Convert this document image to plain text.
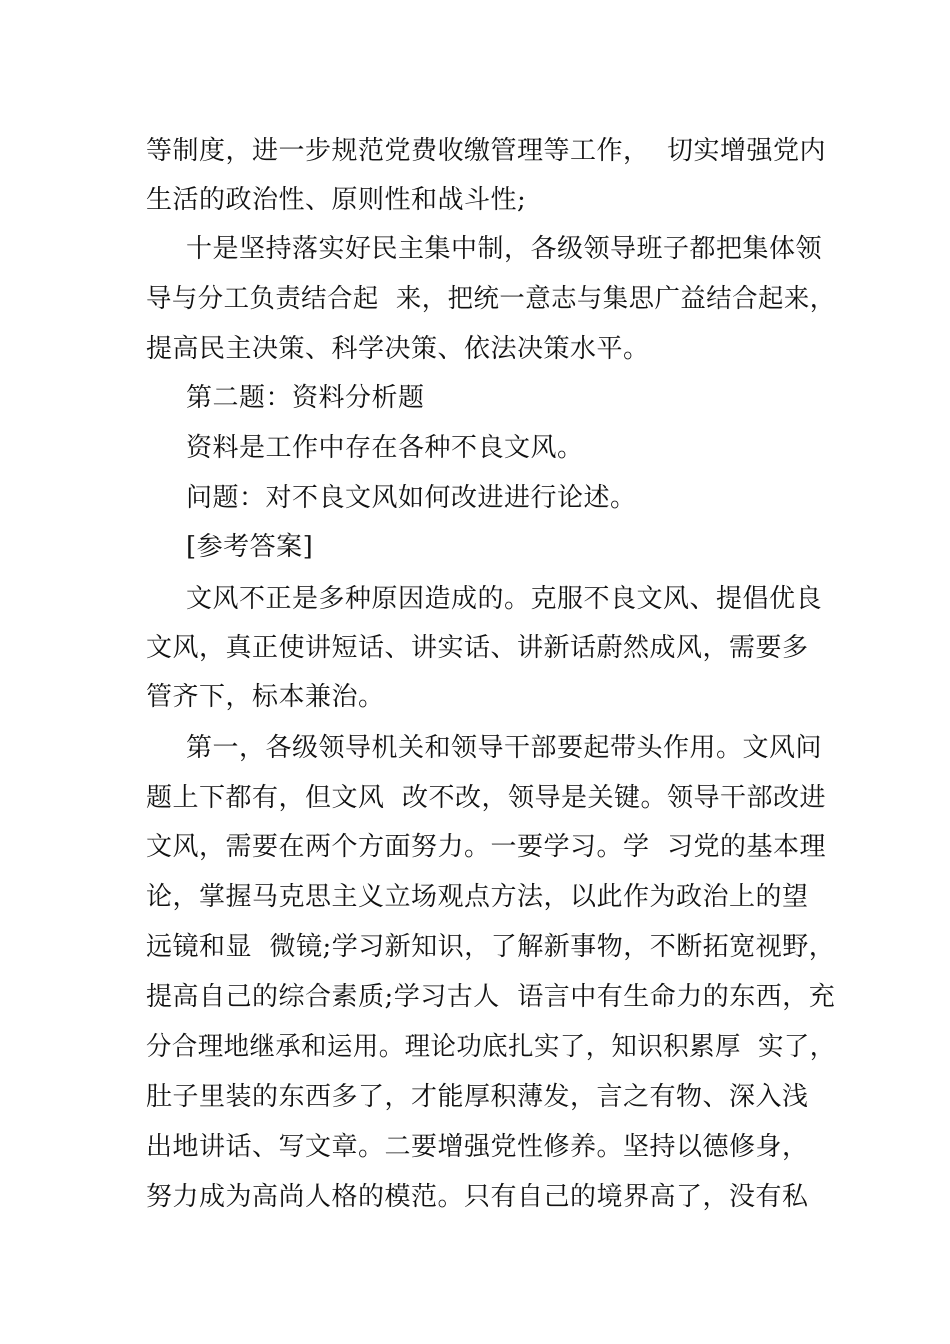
等制度，进一步规范党费收缴管理等工作，  切实增强党内
生活的政治性、原则性和战斗性;
十是坚持落实好民主集中制，各级领导班子都把集体领
导与分工负责结合起  来，把统一意志与集思广益结合起来，
提高民主决策、科学决策、依法决策水平。
第二题：资料分析题
资料是工作中存在各种不良文风。
问题：对不良文风如何改进进行论述。
[参考答案]
文风不正是多种原因造成的。克服不良文风、提倡优良
文风，真正使讲短话、讲实话、讲新话蔚然成风，需要多
管齐下，标本兼治。
第一，各级领导机关和领导干部要起带头作用。文风问
题上下都有，但文风  改不改，领导是关键。领导干部改进
文风，需要在两个方面努力。一要学习。学  习党的基本理
论，掌握马克思主义立场观点方法，以此作为政治上的望
远镜和显  微镜;学习新知识，了解新事物，不断拓宽视野，
提高自己的综合素质;学习古人  语言中有生命力的东西，充
分合理地继承和运用。理论功底扎实了，知识积累厚  实了，
肚子里装的东西多了，才能厚积薄发，言之有物、深入浅
出地讲话、写文章。二要增强党性修养。坚持以德修身，
努力成为高尚人格的模范。只有自己的境界高了，没有私
